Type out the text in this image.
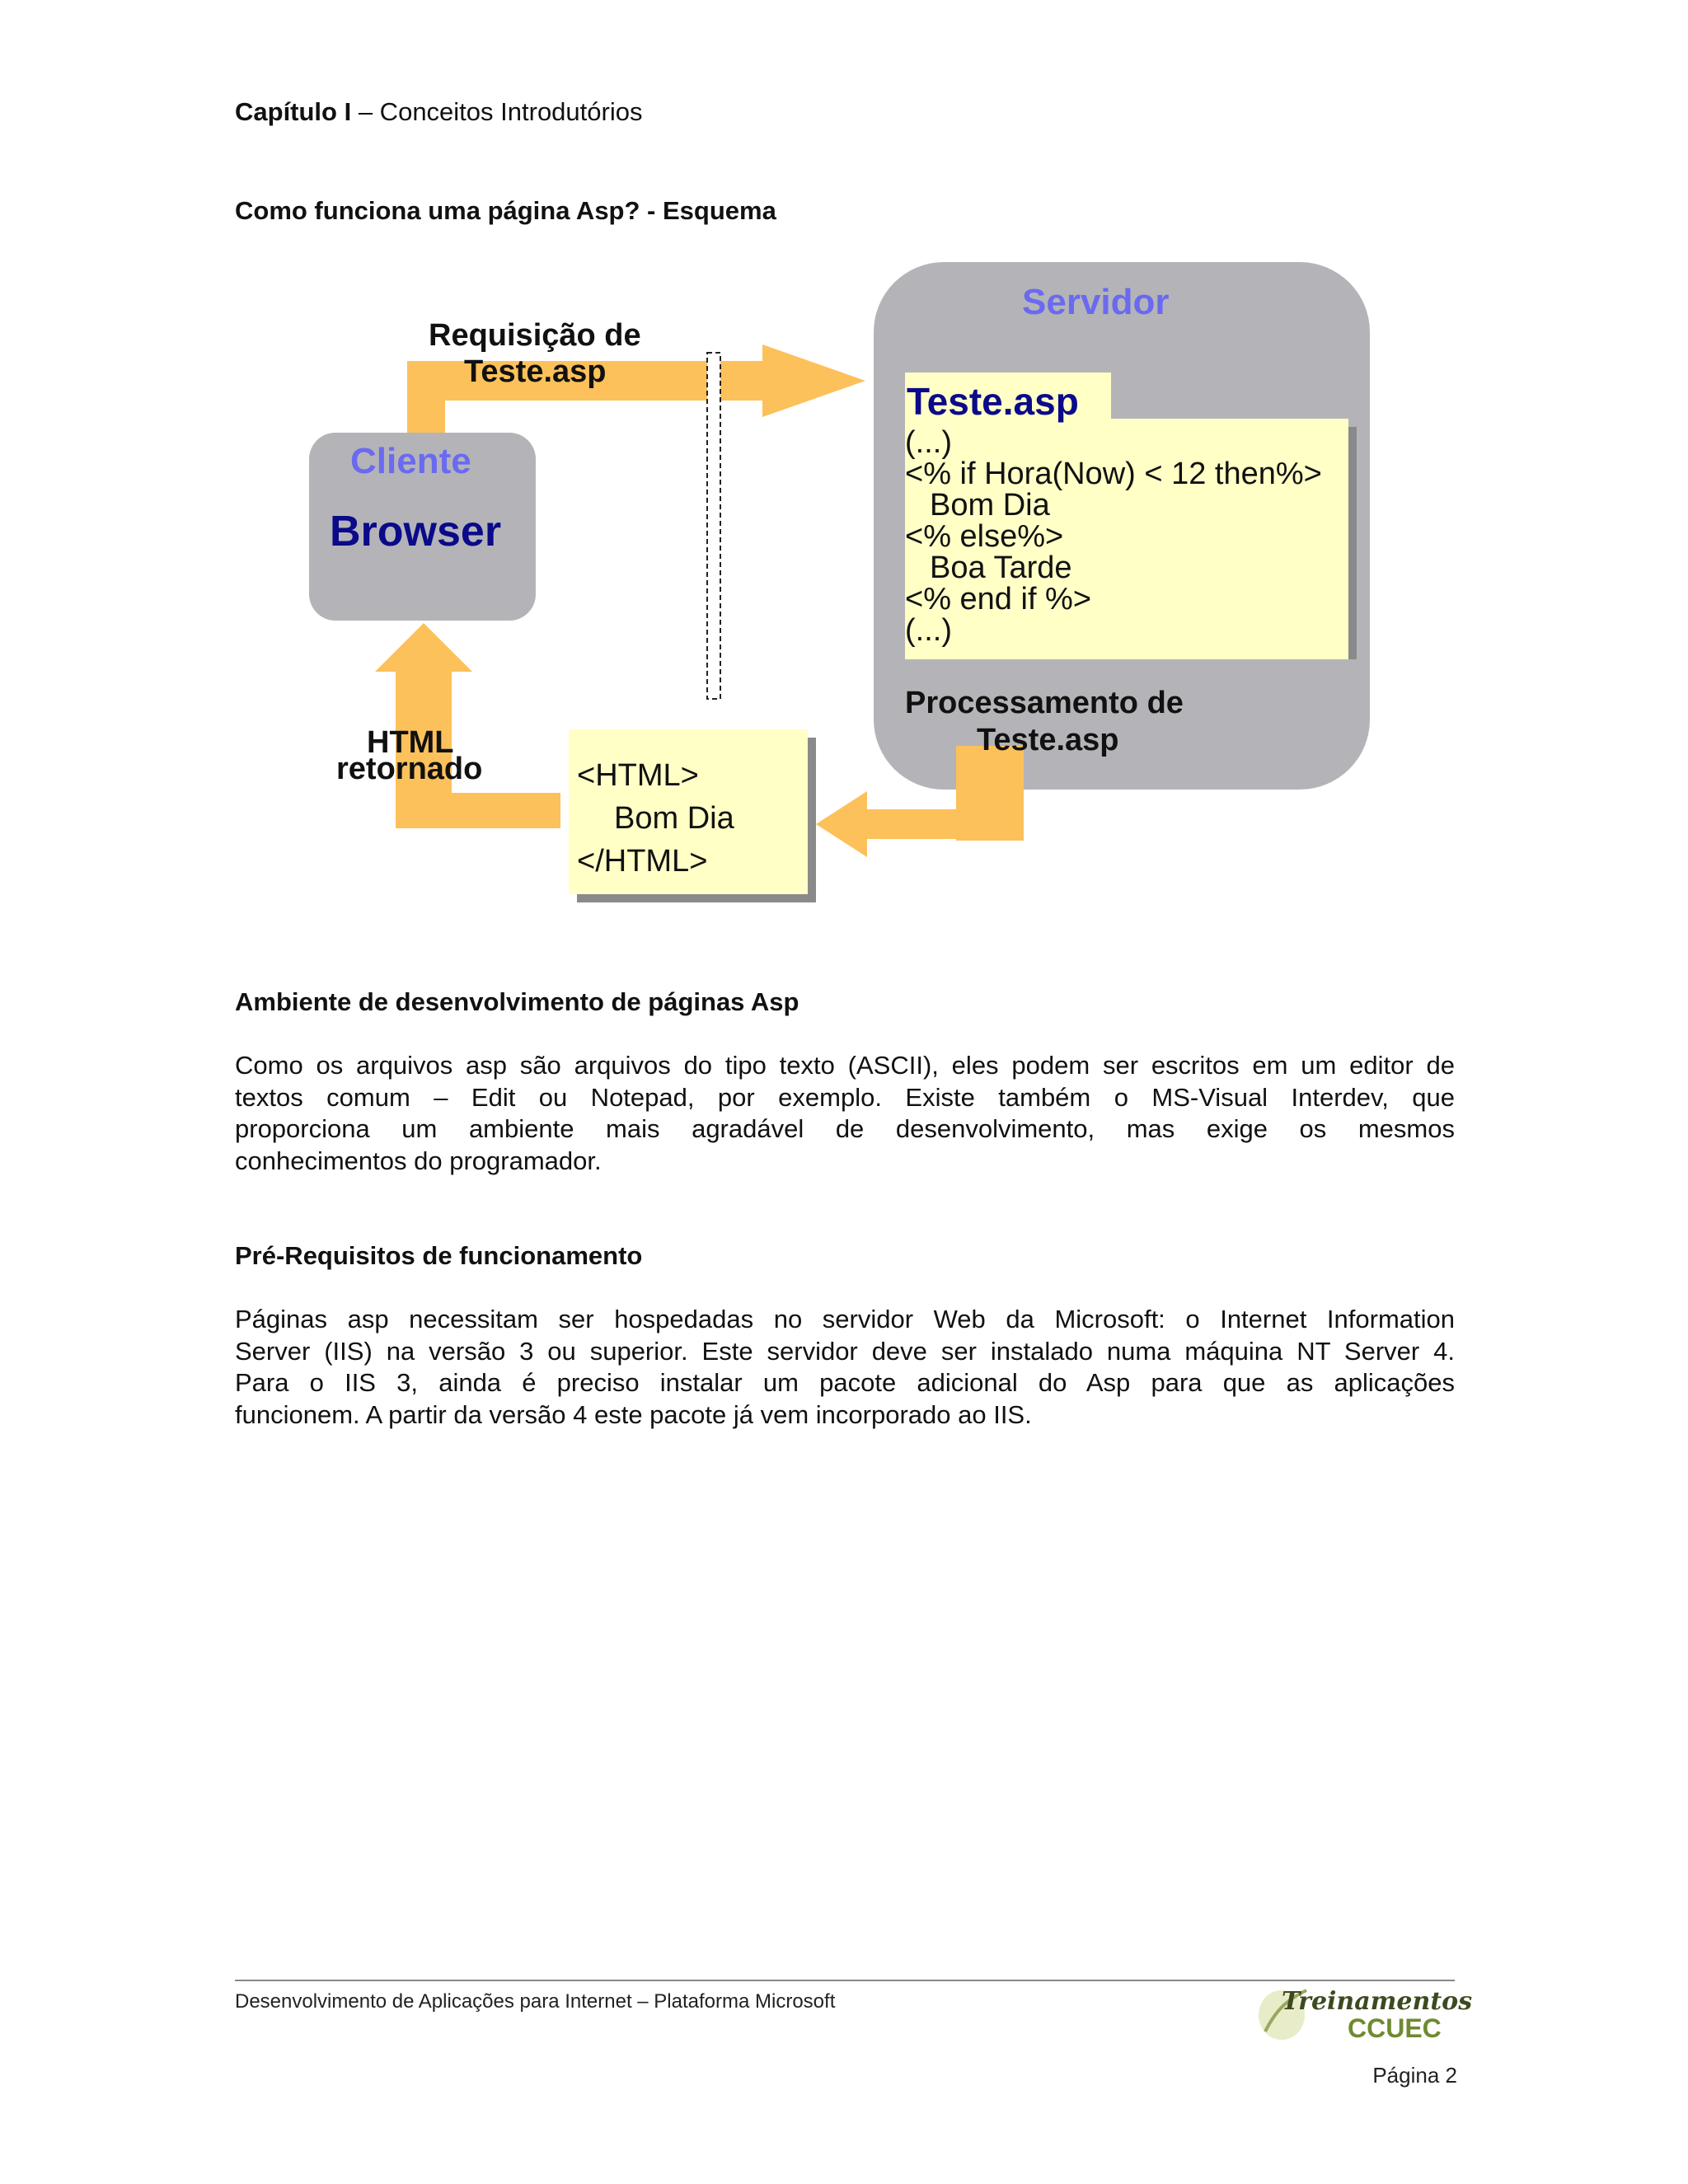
Capítulo I – Conceitos Introdutórios
Como funciona uma página Asp? - Esquema
Requisição de
Teste.asp
Cliente
Browser
Servidor
Teste.asp
(...)
<% if Hora(Now) < 12 then%>
Bom Dia
<% else%>
Boa Tarde
<% end if %>
(...)
Processamento de
Teste.asp
HTML
retornado	<HTML>
Bom Dia
</HTML>
Ambiente de desenvolvimento de páginas Asp
Como os arquivos asp são arquivos do tipo texto (ASCII), eles podem ser escritos em um editor de
textos comum – Edit ou Notepad, por exemplo. Existe também o MS-Visual Interdev, que
proporciona um ambiente mais agradável de desenvolvimento, mas exige os mesmos
conhecimentos do programador.
Pré-Requisitos de funcionamento
Páginas asp necessitam ser hospedadas no servidor Web da Microsoft: o Internet Information
Server (IIS) na versão 3 ou superior. Este servidor deve ser instalado numa máquina NT Server 4.
Para o IIS 3, ainda é preciso instalar um pacote adicional do Asp para que as aplicações
funcionem. A partir da versão 4 este pacote já vem incorporado ao IIS.
Desenvolvimento de Aplicações para Internet – Plataforma Microsoft	Treinamentos
CCUEC
Página 2
